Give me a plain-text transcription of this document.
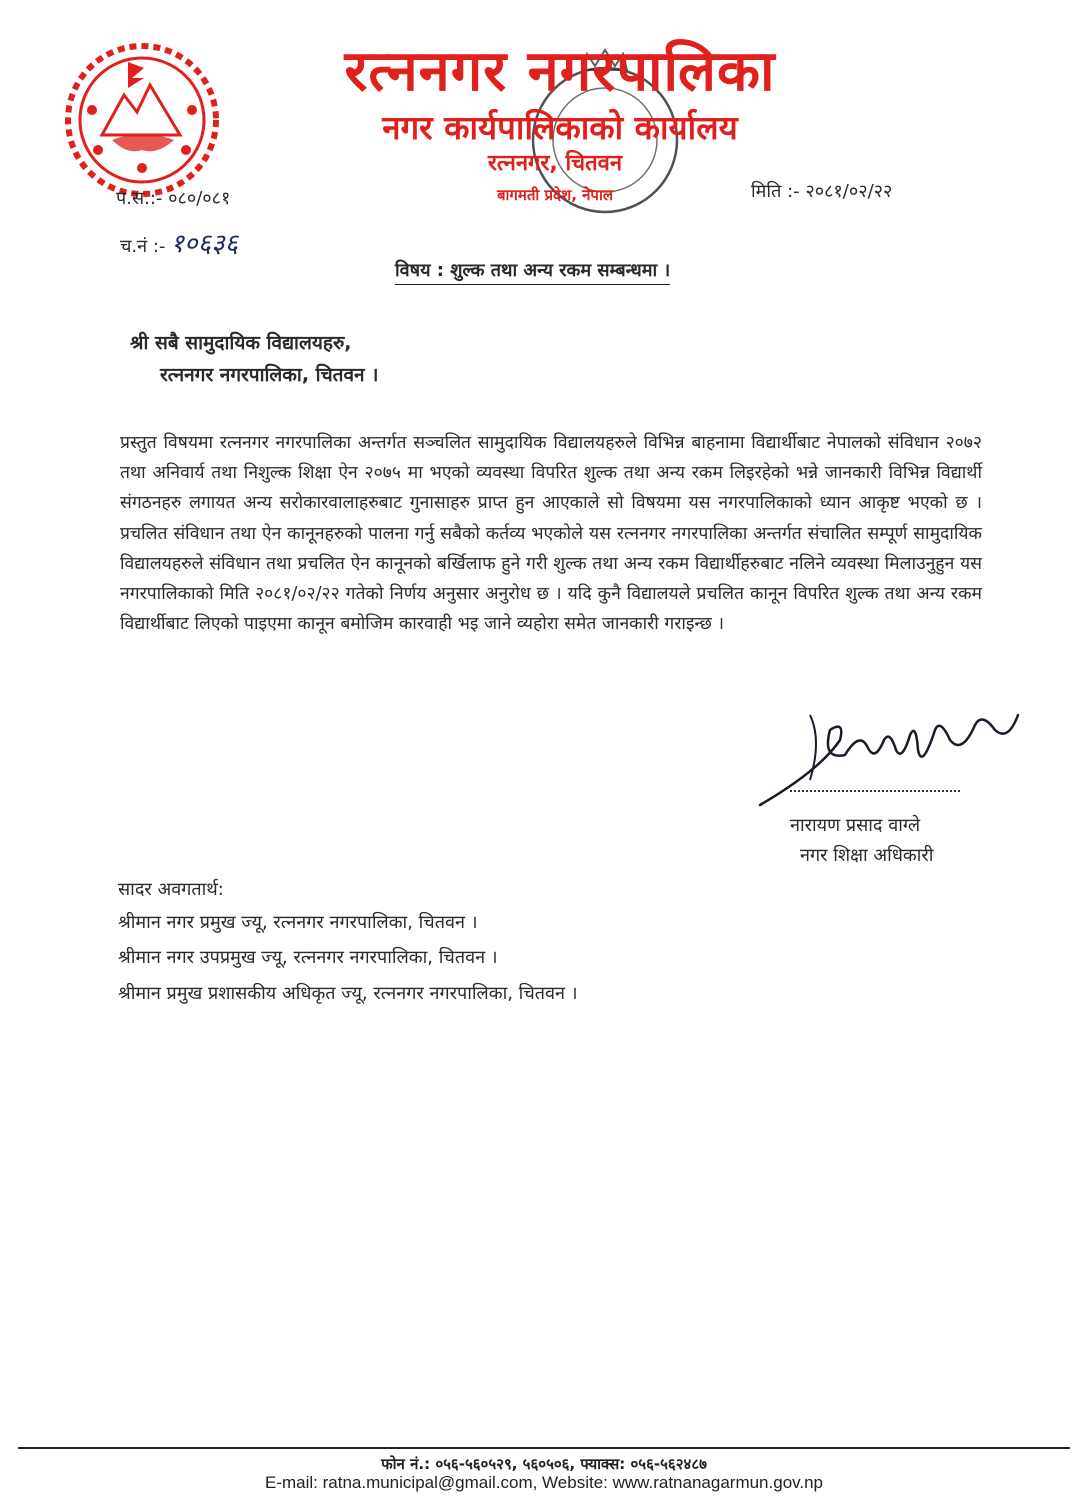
रत्ननगर नगरपालिका
नगर कार्यपालिकाको कार्यालय
रत्ननगर, चितवन
बागमती प्रदेश, नेपाल
प.स.:- ०८०/०८१	मिति :- २०८१/०२/२२
च.नं :- १०६३६
विषय : शुल्क तथा अन्य रकम सम्बन्धमा ।
श्री सबै सामुदायिक विद्यालयहरु,
रत्ननगर नगरपालिका, चितवन ।
प्रस्तुत विषयमा रत्ननगर नगरपालिका अन्तर्गत सञ्चलित सामुदायिक विद्यालयहरुले विभिन्न बाहनामा विद्यार्थीबाट नेपालको संविधान २०७२ तथा अनिवार्य तथा निशुल्क शिक्षा ऐन २०७५ मा भएको व्यवस्था विपरित शुल्क तथा अन्य रकम लिइरहेको भन्ने जानकारी विभिन्न विद्यार्थी संगठनहरु लगायत अन्य सरोकारवालाहरुबाट गुनासाहरु प्राप्त हुन आएकाले सो विषयमा यस नगरपालिकाको ध्यान आकृष्ट भएको छ । प्रचलित संविधान तथा ऐन कानूनहरुको पालना गर्नु सबैको कर्तव्य भएकोले यस रत्ननगर नगरपालिका अन्तर्गत संचालित सम्पूर्ण सामुदायिक विद्यालयहरुले संविधान तथा प्रचलित ऐन कानूनको बर्खिलाफ हुने गरी शुल्क तथा अन्य रकम विद्यार्थीहरुबाट नलिने व्यवस्था मिलाउनुहुन यस नगरपालिकाको मिति २०८१/०२/२२ गतेको निर्णय अनुसार अनुरोध छ । यदि कुनै विद्यालयले प्रचलित कानून विपरित शुल्क तथा अन्य रकम विद्यार्थीबाट लिएको पाइएमा कानून बमोजिम कारवाही भइ जाने व्यहोरा समेत जानकारी गराइन्छ ।
नारायण प्रसाद वाग्ले
नगर शिक्षा अधिकारी
सादर अवगतार्थ:
श्रीमान नगर प्रमुख ज्यू, रत्ननगर नगरपालिका, चितवन ।
श्रीमान नगर उपप्रमुख ज्यू, रत्ननगर नगरपालिका, चितवन ।
श्रीमान प्रमुख प्रशासकीय अधिकृत ज्यू, रत्ननगर नगरपालिका, चितवन ।
फोन नं.: ०५६-५६०५२९, ५६०५०६, फ्याक्स: ०५६-५६२४८७
E-mail: ratna.municipal@gmail.com, Website: www.ratnanagarmun.gov.np
